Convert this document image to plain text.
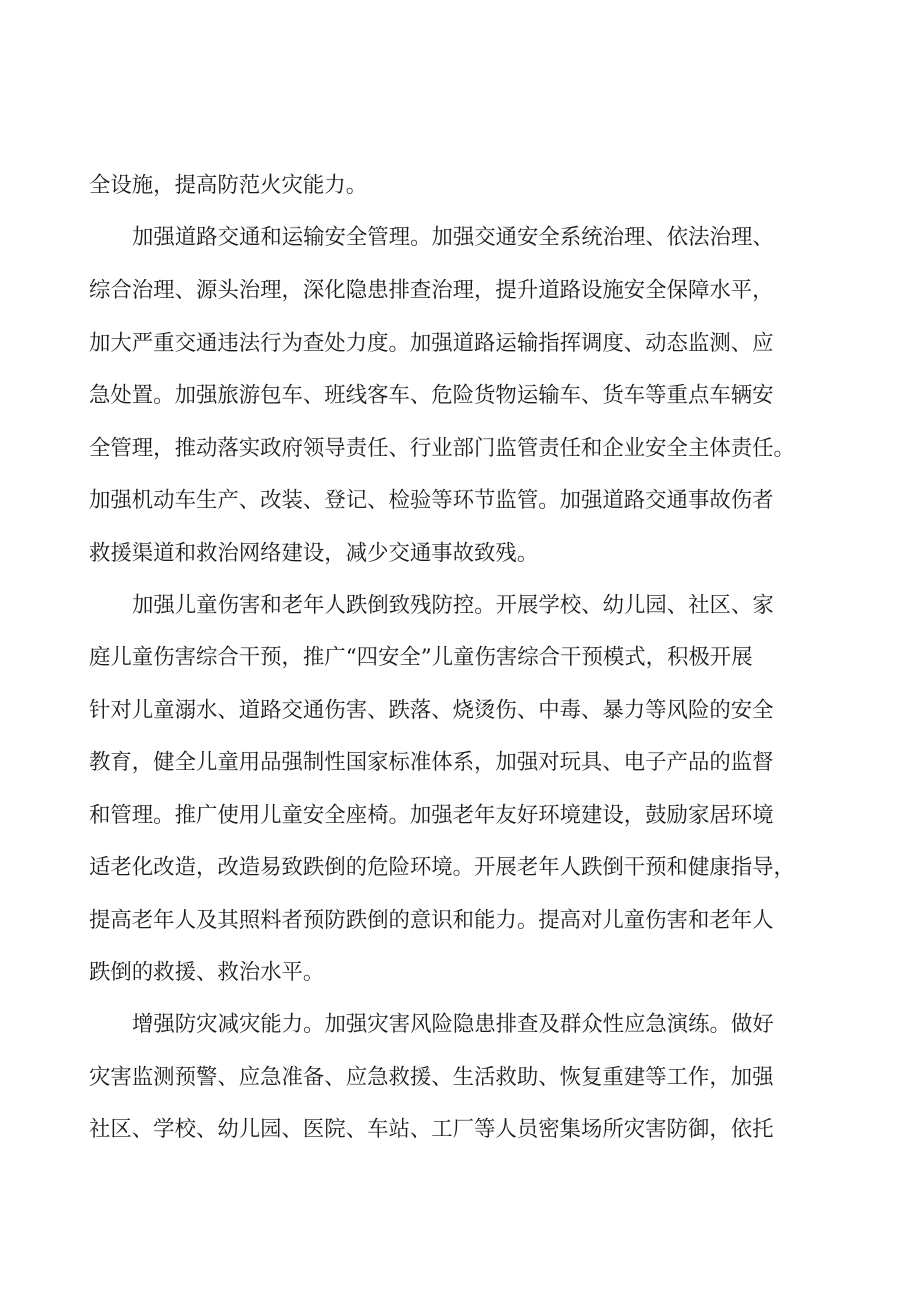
全设施，提高防范火灾能力。
加强道路交通和运输安全管理。加强交通安全系统治理、依法治理、
综合治理、源头治理，深化隐患排查治理，提升道路设施安全保障水平，
加大严重交通违法行为查处力度。加强道路运输指挥调度、动态监测、应
急处置。加强旅游包车、班线客车、危险货物运输车、货车等重点车辆安
全管理，推动落实政府领导责任、行业部门监管责任和企业安全主体责任。
加强机动车生产、改装、登记、检验等环节监管。加强道路交通事故伤者
救援渠道和救治网络建设，减少交通事故致残。
加强儿童伤害和老年人跌倒致残防控。开展学校、幼儿园、社区、家
庭儿童伤害综合干预，推广“四安全”儿童伤害综合干预模式，积极开展
针对儿童溺水、道路交通伤害、跌落、烧烫伤、中毒、暴力等风险的安全
教育，健全儿童用品强制性国家标准体系，加强对玩具、电子产品的监督
和管理。推广使用儿童安全座椅。加强老年友好环境建设，鼓励家居环境
适老化改造，改造易致跌倒的危险环境。开展老年人跌倒干预和健康指导，
提高老年人及其照料者预防跌倒的意识和能力。提高对儿童伤害和老年人
跌倒的救援、救治水平。
增强防灾减灾能力。加强灾害风险隐患排查及群众性应急演练。做好
灾害监测预警、应急准备、应急救援、生活救助、恢复重建等工作，加强
社区、学校、幼儿园、医院、车站、工厂等人员密集场所灾害防御，依托
